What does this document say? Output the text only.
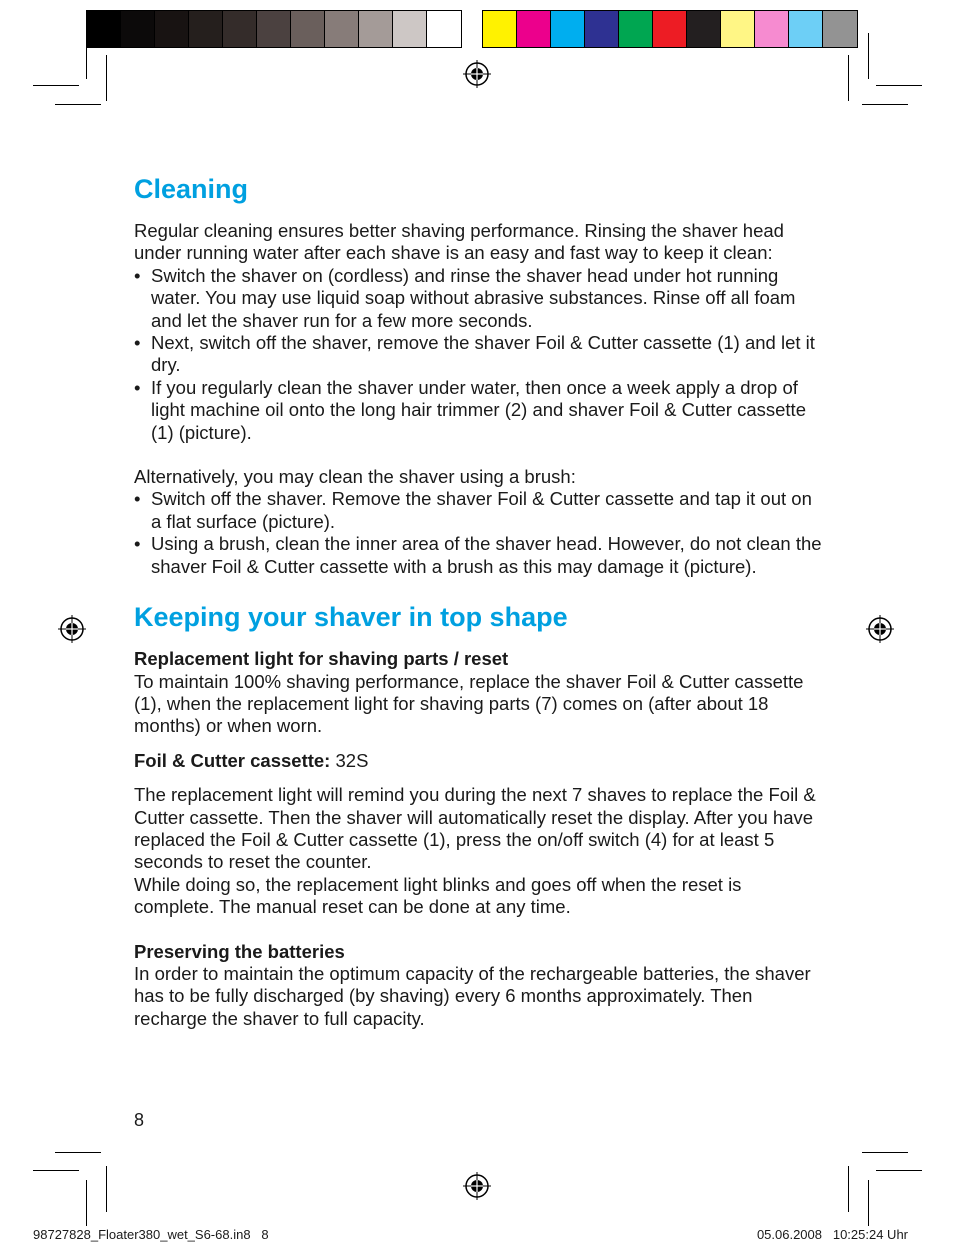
Cleaning

Regular cleaning ensures better shaving performance. Rinsing the shaver head under running water after each shave is an easy and fast way to keep it clean:

• Switch the shaver on (cordless) and rinse the shaver head under hot running water. You may use liquid soap without abrasive substances. Rinse off all foam and let the shaver run for a few more seconds.
• Next, switch off the shaver, remove the shaver Foil & Cutter cassette (1) and let it dry.
• If you regularly clean the shaver under water, then once a week apply a drop of light machine oil onto the long hair trimmer (2) and shaver Foil & Cutter cassette (1) (picture).

Alternatively, you may clean the shaver using a brush:

• Switch off the shaver. Remove the shaver Foil & Cutter cassette and tap it out on a flat surface (picture).
• Using a brush, clean the inner area of the shaver head. However, do not clean the shaver Foil & Cutter cassette with a brush as this may damage it (picture).
Keeping your shaver in top shape

Replacement light for shaving parts / reset

To maintain 100% shaving performance, replace the shaver Foil & Cutter cassette (1), when the replacement light for shaving parts (7) comes on (after about 18 months) or when worn.

Foil & Cutter cassette: 32S

The replacement light will remind you during the next 7 shaves to replace the Foil & Cutter cassette. Then the shaver will automatically reset the display. After you have replaced the Foil & Cutter cassette (1), press the on/off switch (4) for at least 5 seconds to reset the counter.

While doing so, the replacement light blinks and goes off when the reset is complete. The manual reset can be done at any time.

Preserving the batteries

In order to maintain the optimum capacity of the rechargeable batteries, the shaver has to be fully discharged (by shaving) every 6 months approximately. Then recharge the shaver to full capacity.

8
98727828_Floater380_wet_S6-68.in8   8	05.06.2008   10:25:24 Uhr
